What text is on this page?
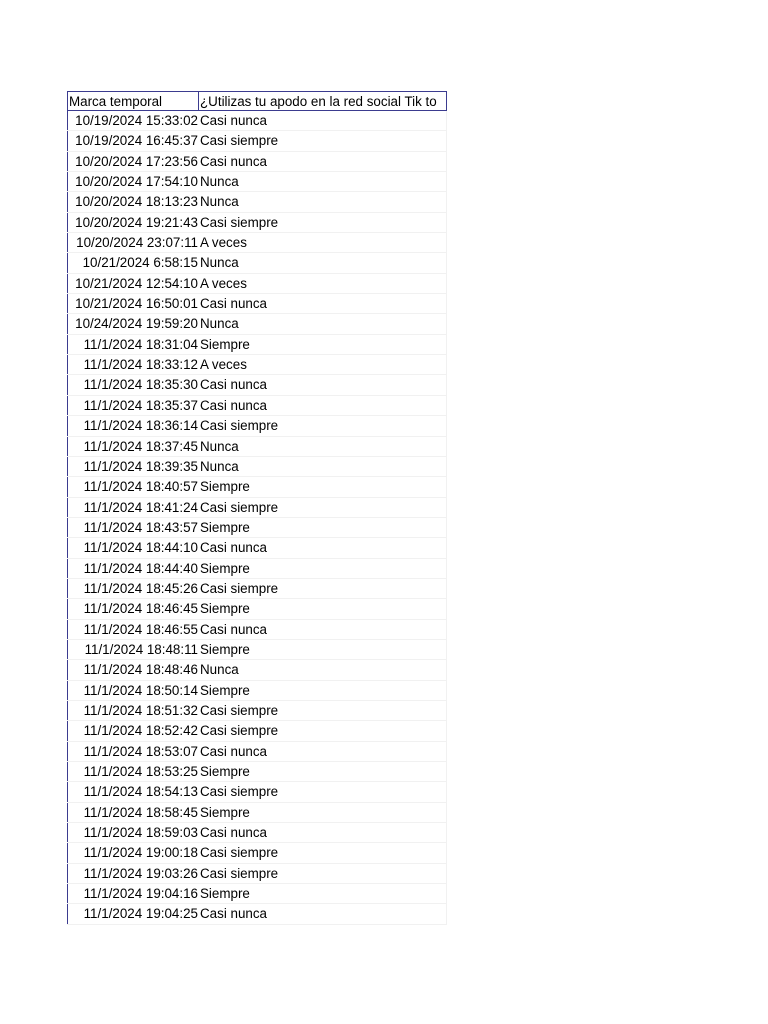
Marca temporal	¿Utilizas tu apodo en la red social Tik to
10/19/2024 15:33:02 Casi nunca
10/19/2024 16:45:37 Casi siempre
10/20/2024 17:23:56 Casi nunca
10/20/2024 17:54:10 Nunca
10/20/2024 18:13:23 Nunca
10/20/2024 19:21:43 Casi siempre
10/20/2024 23:07:11 A veces
10/21/2024 6:58:15 Nunca
10/21/2024 12:54:10 A veces
10/21/2024 16:50:01 Casi nunca
10/24/2024 19:59:20 Nunca
11/1/2024 18:31:04 Siempre
11/1/2024 18:33:12 A veces
11/1/2024 18:35:30 Casi nunca
11/1/2024 18:35:37 Casi nunca
11/1/2024 18:36:14 Casi siempre
11/1/2024 18:37:45 Nunca
11/1/2024 18:39:35 Nunca
11/1/2024 18:40:57 Siempre
11/1/2024 18:41:24 Casi siempre
11/1/2024 18:43:57 Siempre
11/1/2024 18:44:10 Casi nunca
11/1/2024 18:44:40 Siempre
11/1/2024 18:45:26 Casi siempre
11/1/2024 18:46:45 Siempre
11/1/2024 18:46:55 Casi nunca
11/1/2024 18:48:11 Siempre
11/1/2024 18:48:46 Nunca
11/1/2024 18:50:14 Siempre
11/1/2024 18:51:32 Casi siempre
11/1/2024 18:52:42 Casi siempre
11/1/2024 18:53:07 Casi nunca
11/1/2024 18:53:25 Siempre
11/1/2024 18:54:13 Casi siempre
11/1/2024 18:58:45 Siempre
11/1/2024 18:59:03 Casi nunca
11/1/2024 19:00:18 Casi siempre
11/1/2024 19:03:26 Casi siempre
11/1/2024 19:04:16 Siempre
11/1/2024 19:04:25 Casi nunca
